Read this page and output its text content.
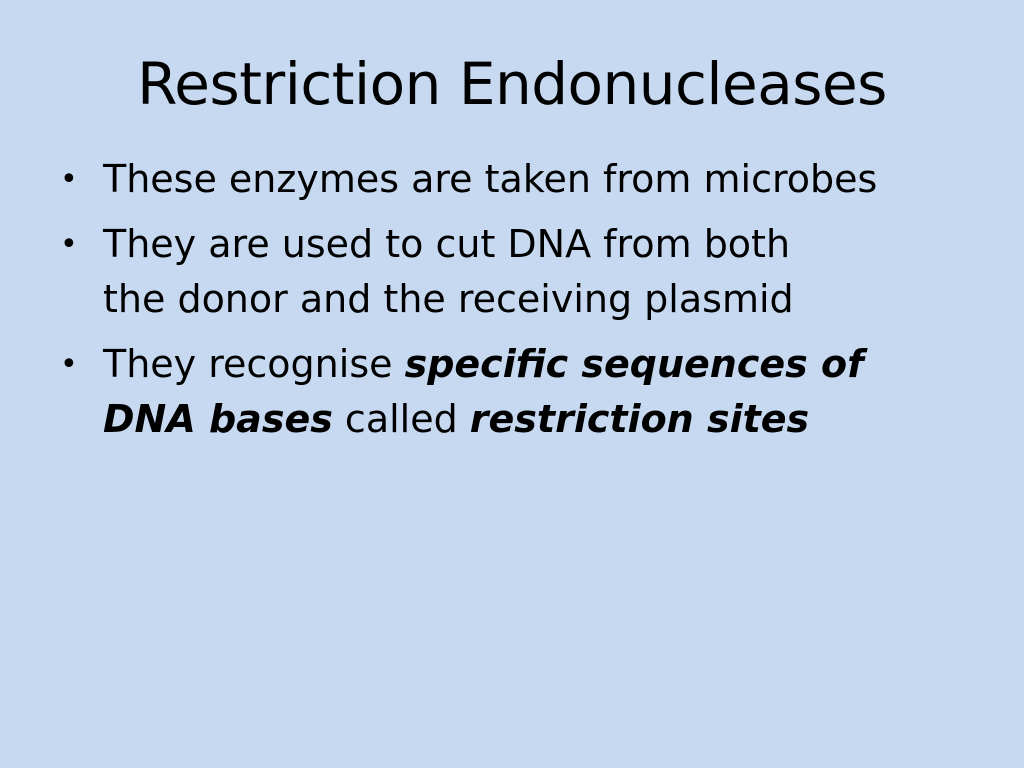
Restriction Endonucleases
• These enzymes are taken from microbes
• They are used to cut DNA from both
the donor and the receiving plasmid
• They recognise specific sequences of
DNA bases called restriction sites
